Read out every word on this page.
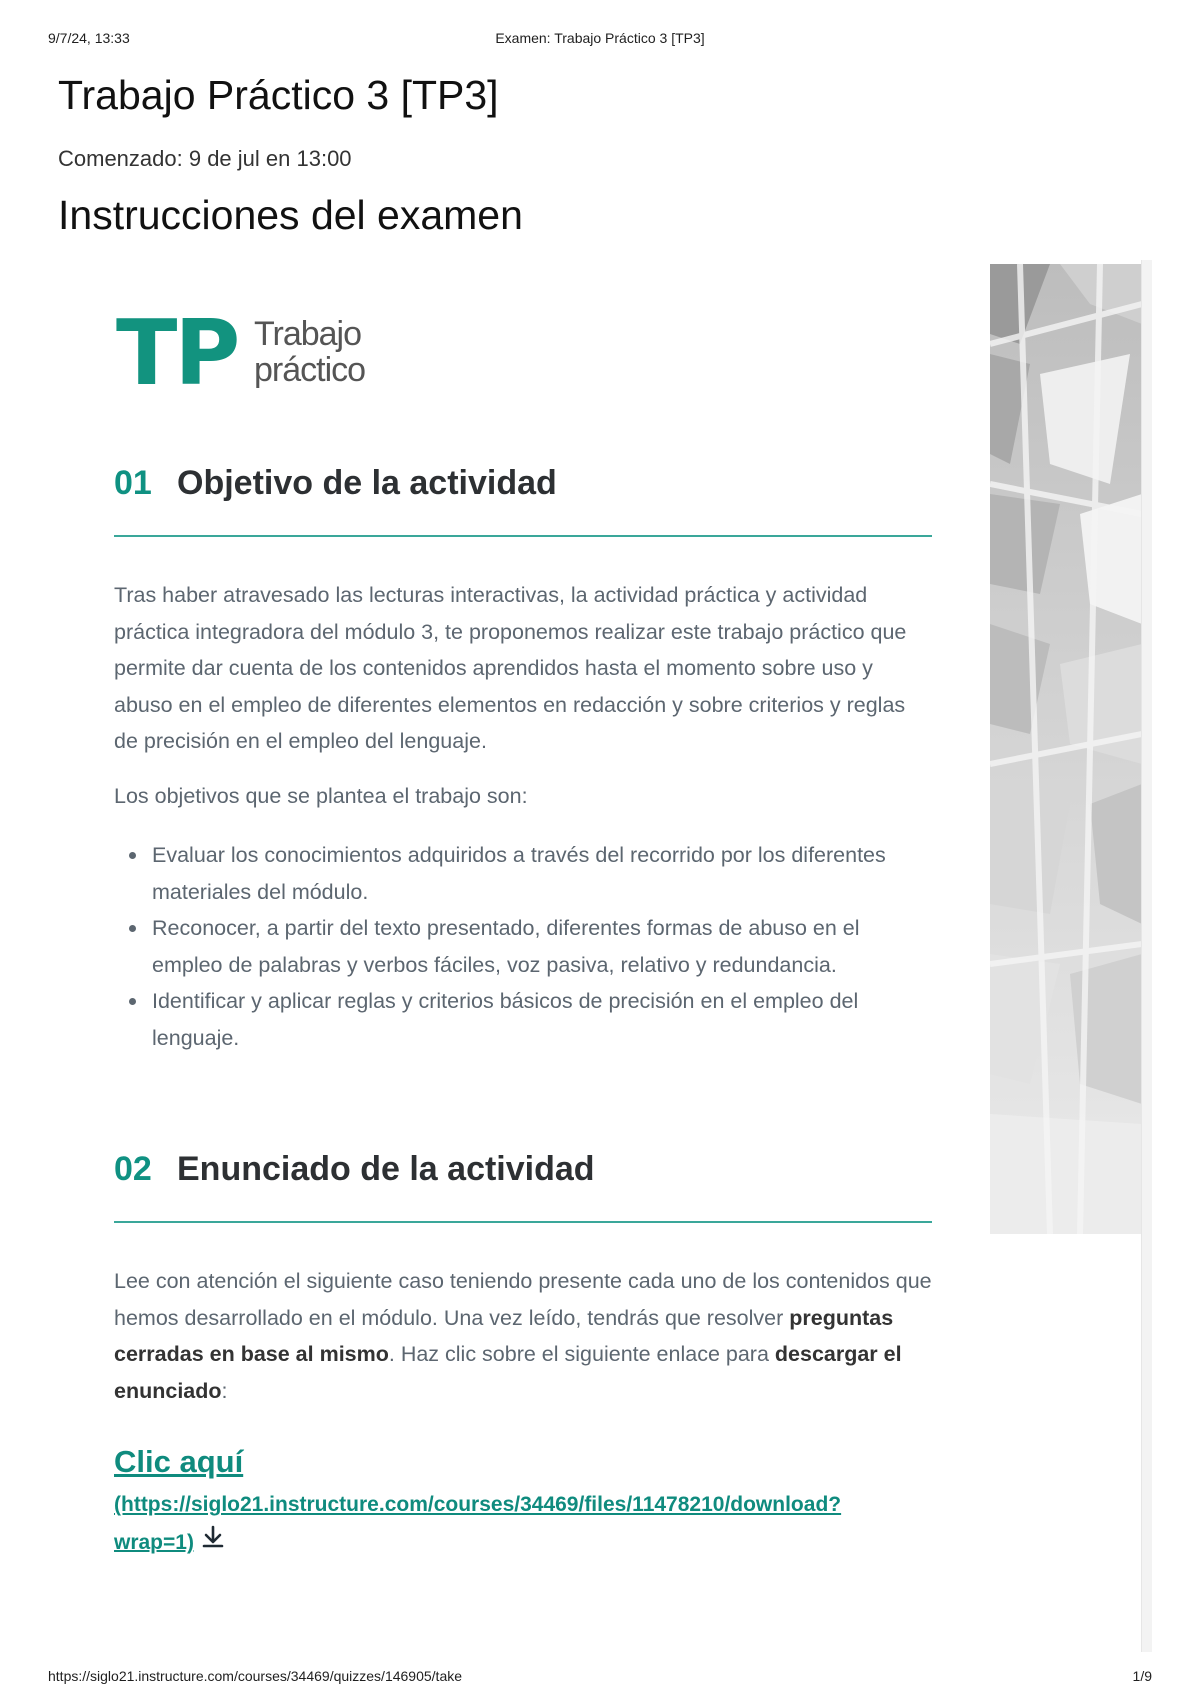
9/7/24, 13:33	Examen: Trabajo Práctico 3 [TP3]
Trabajo Práctico 3 [TP3]
Comenzado: 9 de jul en 13:00
Instrucciones del examen
TP Trabajo
práctico
01 Objetivo de la actividad

Tras haber atravesado las lecturas interactivas, la actividad práctica y actividad práctica integradora del módulo 3, te proponemos realizar este trabajo práctico que permite dar cuenta de los contenidos aprendidos hasta el momento sobre uso y abuso en el empleo de diferentes elementos en redacción y sobre criterios y reglas de precisión en el empleo del lenguaje.

Los objetivos que se plantea el trabajo son:

Evaluar los conocimientos adquiridos a través del recorrido por los diferentes materiales del módulo.
Reconocer, a partir del texto presentado, diferentes formas de abuso en el empleo de palabras y verbos fáciles, voz pasiva, relativo y redundancia.
Identificar y aplicar reglas y criterios básicos de precisión en el empleo del lenguaje.
02 Enunciado de la actividad

Lee con atención el siguiente caso teniendo presente cada uno de los contenidos que hemos desarrollado en el módulo. Una vez leído, tendrás que resolver preguntas cerradas en base al mismo. Haz clic sobre el siguiente enlace para descargar el enunciado:

Clic aquí
(https://siglo21.instructure.com/courses/34469/files/11478210/download?wrap=1)
https://siglo21.instructure.com/courses/34469/quizzes/146905/take	1/9
